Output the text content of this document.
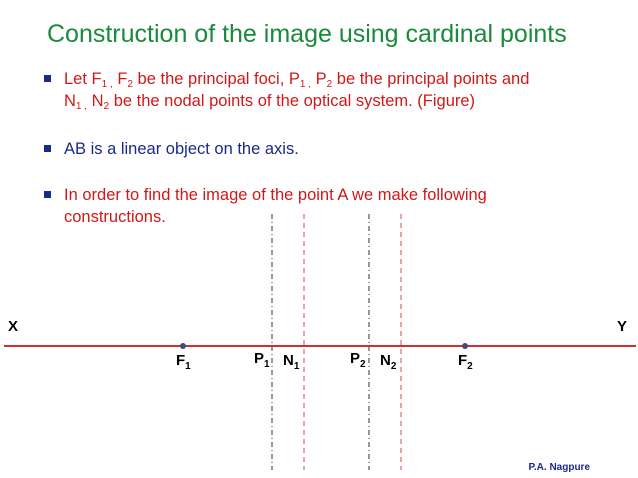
Construction of the image using cardinal points
Let $F_{1 ,}$ $F_2$ be the principal foci, $P_{1 ,}$ $P_2$ be the principal points and
$N_{1 ,}$ $N_2$ be the nodal points of the optical system. (Figure)
AB is a linear object on the axis.
In order to find the image of the point A we make following
constructions.
X	Y
$F_1$	$P_1$ $N_1$	$P_2$ $N_2$	$F_2$
P.A. Nagpure
